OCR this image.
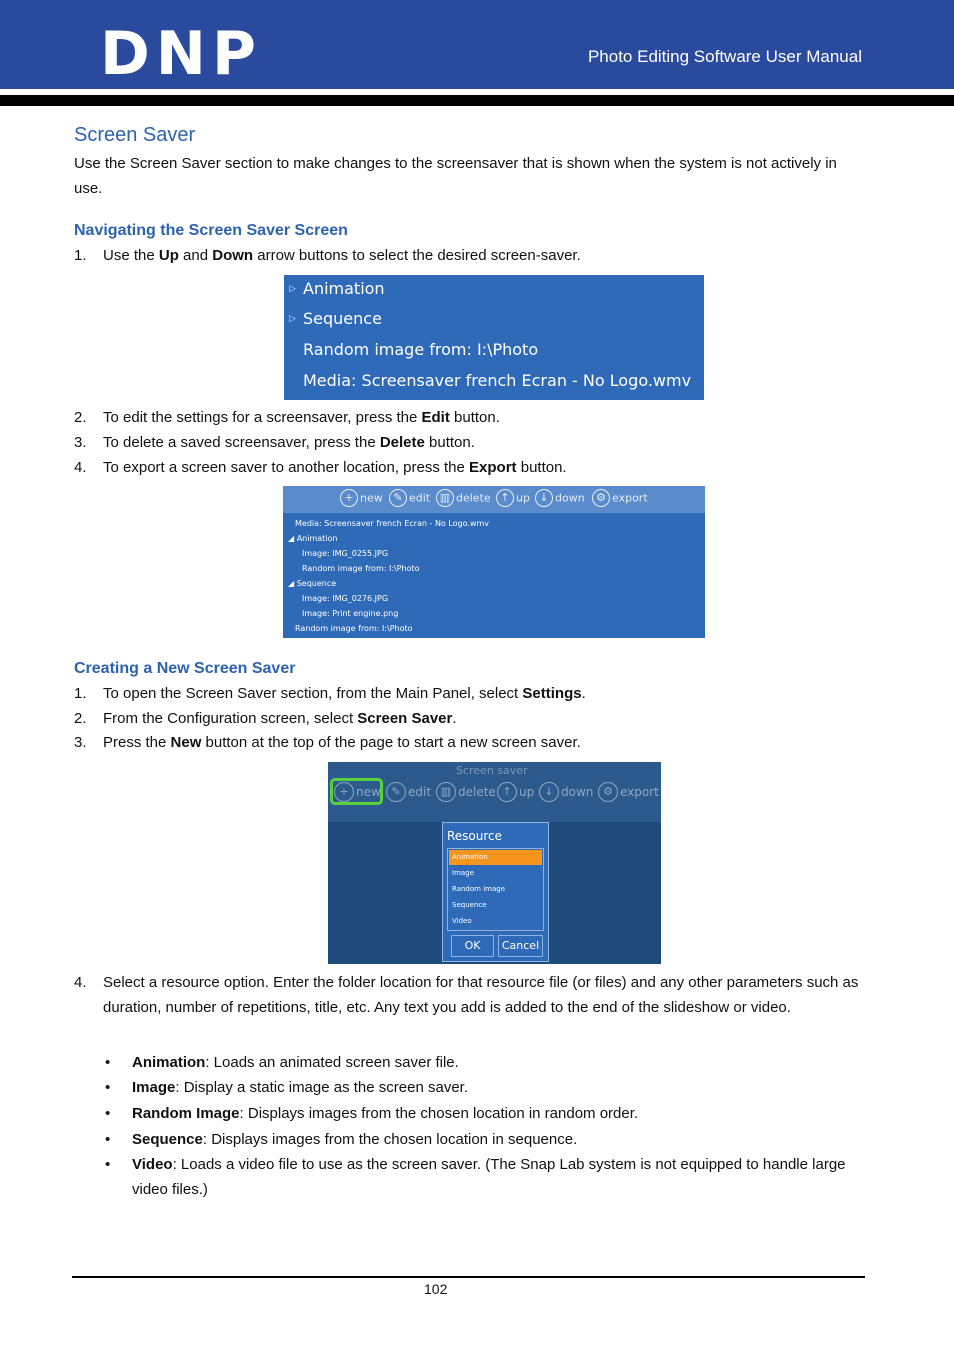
DNP	Photo Editing Software User Manual
Screen Saver
Use the Screen Saver section to make changes to the screensaver that is shown when the system is not actively in use.
Navigating the Screen Saver Screen
1. Use the Up and Down arrow buttons to select the desired screen-saver.
▷ Animation
▷ Sequence
Random image from: I:\Photo
Media: Screensaver french Ecran - No Logo.wmv
2. To edit the settings for a screensaver, press the Edit button.
3. To delete a saved screensaver, press the Delete button.
4. To export a screen saver to another location, press the Export button.
+ new ✎ edit ▥ delete ↑ up ↓ down	⚙ export
Media: Screensaver french Ecran - No Logo.wmv
◢ Animation
Image: IMG_0255.JPG
Random image from: I:\Photo
◢ Sequence
Image: IMG_0276.JPG
Image: Print engine.png
Random image from: I:\Photo
Creating a New Screen Saver
1. To open the Screen Saver section, from the Main Panel, select Settings.
2. From the Configuration screen, select Screen Saver.
3. Press the New button at the top of the page to start a new screen saver.
Screen saver
+ new ✎ edit ▥ delete ↑ up ↓ down ⚙ export
Resource
Animation
Image
Random image
Sequence
Video
OK	Cancel
4. Select a resource option. Enter the folder location for that resource file (or files) and any other parameters such as duration, number of repetitions, title, etc. Any text you add is added to the end of the slideshow or video.
• Animation: Loads an animated screen saver file.
• Image: Display a static image as the screen saver.
• Random Image: Displays images from the chosen location in random order.
• Sequence: Displays images from the chosen location in sequence.
• Video: Loads a video file to use as the screen saver. (The Snap Lab system is not equipped to handle large video files.)
102
